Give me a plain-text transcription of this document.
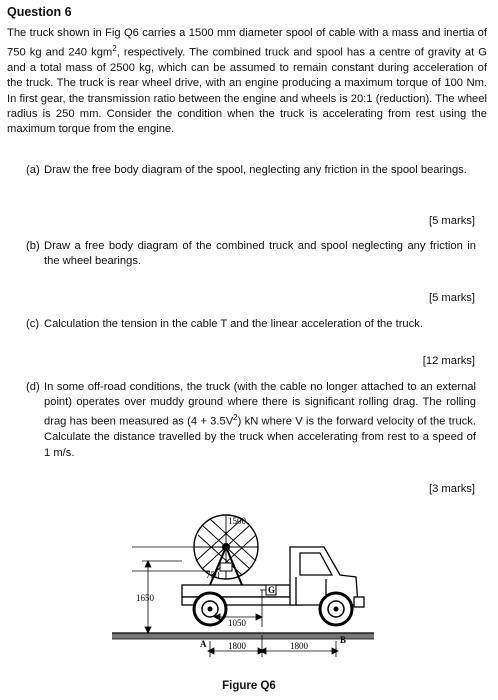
Question 6
The truck shown in Fig Q6 carries a 1500 mm diameter spool of cable with a mass and inertia of 750 kg and 240 kgm$^2$, respectively. The combined truck and spool has a centre of gravity at G and a total mass of 2500 kg, which can be assumed to remain constant during acceleration of the truck. The truck is rear wheel drive, with an engine producing a maximum torque of 100 Nm. In first gear, the transmission ratio between the engine and wheels is 20:1 (reduction). The wheel radius is 250 mm. Consider the condition when the truck is accelerating from rest using the maximum torque from the engine.
(a) Draw the free body diagram of the spool, neglecting any friction in the spool bearings.
[5 marks]
(b) Draw a free body diagram of the combined truck and spool neglecting any friction in the wheel bearings.
[5 marks]
(c) Calculation the tension in the cable T and the linear acceleration of the truck.
[12 marks]
(d) In some off-road conditions, the truck (with the cable no longer attached to an external point) operates over muddy ground where there is significant rolling drag. The rolling drag has been measured as $(4 + 3.5V^2)$ kN where V is the forward velocity of the truck. Calculate the distance travelled by the truck when accelerating from rest to a speed of 1 m/s.
[3 marks]
G
1500
750
1650
1050
1800	1800
A	B
Figure Q6
